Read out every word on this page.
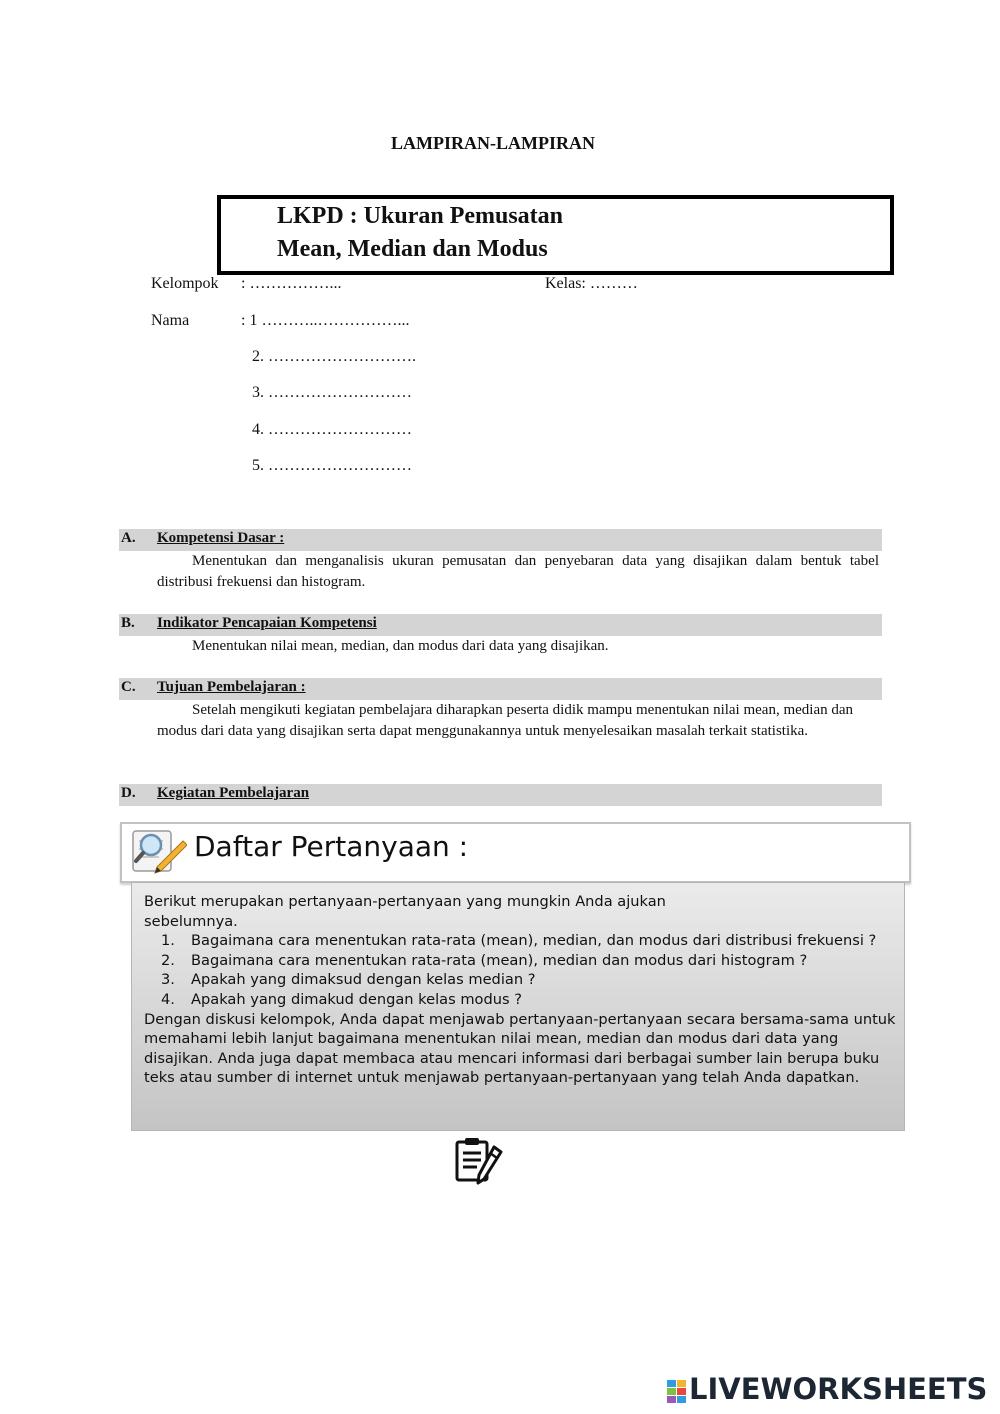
LAMPIRAN-LAMPIRAN
LKPD : Ukuran Pemusatan
Mean, Median dan Modus
Kelompok : ……………...	Kelas: ………
Nama	: 1 ………..……………...
2. ……………………….
3. ………………………
4. ………………………
5. ………………………
A. Kompetensi Dasar :
Menentukan dan menganalisis ukuran pemusatan dan penyebaran data yang disajikan dalam bentuk tabel distribusi frekuensi dan histogram.
B. Indikator Pencapaian Kompetensi
Menentukan nilai mean, median, dan modus dari data yang disajikan.
C. Tujuan Pembelajaran :
Setelah mengikuti kegiatan pembelajara diharapkan peserta didik mampu menentukan nilai mean, median dan modus dari data yang disajikan serta dapat menggunakannya untuk menyelesaikan masalah terkait statistika.
D. Kegiatan Pembelajaran
Daftar Pertanyaan :
Berikut merupakan pertanyaan-pertanyaan yang mungkin Anda ajukan sebelumnya.
1. Bagaimana cara menentukan rata-rata (mean), median, dan modus dari distribusi frekuensi ?
2. Bagaimana cara menentukan rata-rata (mean), median dan modus dari histogram ?
3. Apakah yang dimaksud dengan kelas median ?
4. Apakah yang dimakud dengan kelas modus ?
Dengan diskusi kelompok, Anda dapat menjawab pertanyaan-pertanyaan secara bersama-sama untuk memahami lebih lanjut bagaimana menentukan nilai mean, median dan modus dari data yang disajikan. Anda juga dapat membaca atau mencari informasi dari berbagai sumber lain berupa buku teks atau sumber di internet untuk menjawab pertanyaan-pertanyaan yang telah Anda dapatkan.
LIVEWORKSHEETS
